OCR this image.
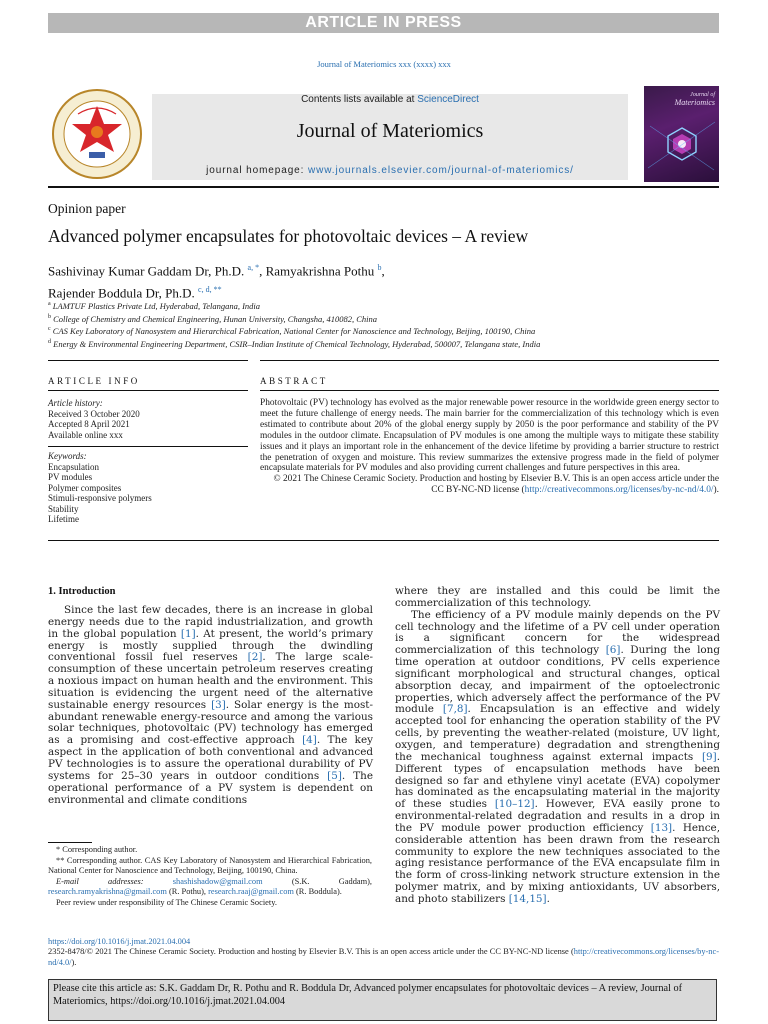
ARTICLE IN PRESS
Journal of Materiomics xxx (xxxx) xxx
Contents lists available at ScienceDirect
Journal of Materiomics
journal homepage: www.journals.elsevier.com/journal-of-materiomics/
Journal of
Materiomics
Opinion paper
Advanced polymer encapsulates for photovoltaic devices – A review
Sashivinay Kumar Gaddam Dr, Ph.D. $^{a, *}$, Ramyakrishna Pothu $^b$,
Rajender Boddula Dr, Ph.D. $^{c, d, **}$
$^a$ LAMTUF Plastics Private Ltd, Hyderabad, Telangana, India
$^b$ College of Chemistry and Chemical Engineering, Hunan University, Changsha, 410082, China
$^c$ CAS Key Laboratory of Nanosystem and Hierarchical Fabrication, National Center for Nanoscience and Technology, Beijing, 100190, China
$^d$ Energy & Environmental Engineering Department, CSIR–Indian Institute of Chemical Technology, Hyderabad, 500007, Telangana state, India
ARTICLE INFO	ABSTRACT
Article history:
Received 3 October 2020
Accepted 8 April 2021
Available online xxx
Keywords:
Encapsulation
PV modules
Polymer composites
Stimuli-responsive polymers
Stability
Lifetime
Photovoltaic (PV) technology has evolved as the major renewable power resource in the worldwide green energy sector to meet the future challenge of energy needs. The main barrier for the commercialization of this technology which is even estimated to contribute about 20% of the global energy supply by 2050 is the poor performance and stability of the PV modules in the outdoor climate. Encapsulation of PV modules is one among the multiple ways to mitigate these stability issues and it plays an important role in the enhancement of the device lifetime by providing a barrier structure to restrict the penetration of oxygen and moisture. This review summarizes the extensive progress made in the field of polymer encapsulate materials for PV modules and also providing current challenges and future perspectives in this area.
© 2021 The Chinese Ceramic Society. Production and hosting by Elsevier B.V. This is an open access article under the CC BY-NC-ND license (http://creativecommons.org/licenses/by-nc-nd/4.0/).
1. Introduction

Since the last few decades, there is an increase in global energy needs due to the rapid industrialization, and growth in the global population [1]. At present, the world’s primary energy is mostly supplied through the dwindling conventional fossil fuel reserves [2]. The large scale-consumption of these uncertain petroleum reserves creating a noxious impact on human health and the environment. This situation is evidencing the urgent need of the alternative sustainable energy resources [3]. Solar energy is the most-abundant renewable energy-resource and among the various solar techniques, photovoltaic (PV) technology has emerged as a promising and cost-effective approach [4]. The key aspect in the application of both conventional and advanced PV technologies is to assure the operational durability of PV systems for 25–30 years in outdoor conditions [5]. The operational performance of a PV system is dependent on environmental and climate conditions

where they are installed and this could be limit the commercialization of this technology.

The efficiency of a PV module mainly depends on the PV cell technology and the lifetime of a PV cell under operation is a significant concern for the widespread commercialization of this technology [6]. During the long time operation at outdoor conditions, PV cells experience significant morphological and structural changes, optical absorption decay, and impairment of the optoelectronic properties, which adversely affect the performance of the PV module [7,8]. Encapsulation is an effective and widely accepted tool for enhancing the operation stability of the PV cells, by preventing the weather-related (moisture, UV light, oxygen, and temperature) degradation and strengthening the mechanical toughness against external impacts [9]. Different types of encapsulation methods have been designed so far and ethylene vinyl acetate (EVA) copolymer has dominated as the encapsulating material in the majority of these studies [10–12]. However, EVA easily prone to environmental-related degradation and results in a drop in the PV module power production efficiency [13]. Hence, considerable attention has been drawn from the research community to explore the new techniques associated to the aging resistance performance of the EVA encapsulate film in the form of cross-linking network structure extension in the polymer matrix, and by mixing antioxidants, UV absorbers, and photo stabilizers [14,15].

* Corresponding author.

** Corresponding author. CAS Key Laboratory of Nanosystem and Hierarchical Fabrication, National Center for Nanoscience and Technology, Beijing, 100190, China.

E-mail addresses:	shashishadow@gmail.com (S.K. Gaddam), research.ramyakrishna@gmail.com (R. Pothu), research.raaj@gmail.com (R. Boddula).

Peer review under responsibility of The Chinese Ceramic Society.

https://doi.org/10.1016/j.jmat.2021.04.004
2352-8478/© 2021 The Chinese Ceramic Society. Production and hosting by Elsevier B.V. This is an open access article under the CC BY-NC-ND license (http://creativecommons.org/licenses/by-nc-nd/4.0/).
Please cite this article as: S.K. Gaddam Dr, R. Pothu and R. Boddula Dr, Advanced polymer encapsulates for photovoltaic devices – A review, Journal of Materiomics, https://doi.org/10.1016/j.jmat.2021.04.004
